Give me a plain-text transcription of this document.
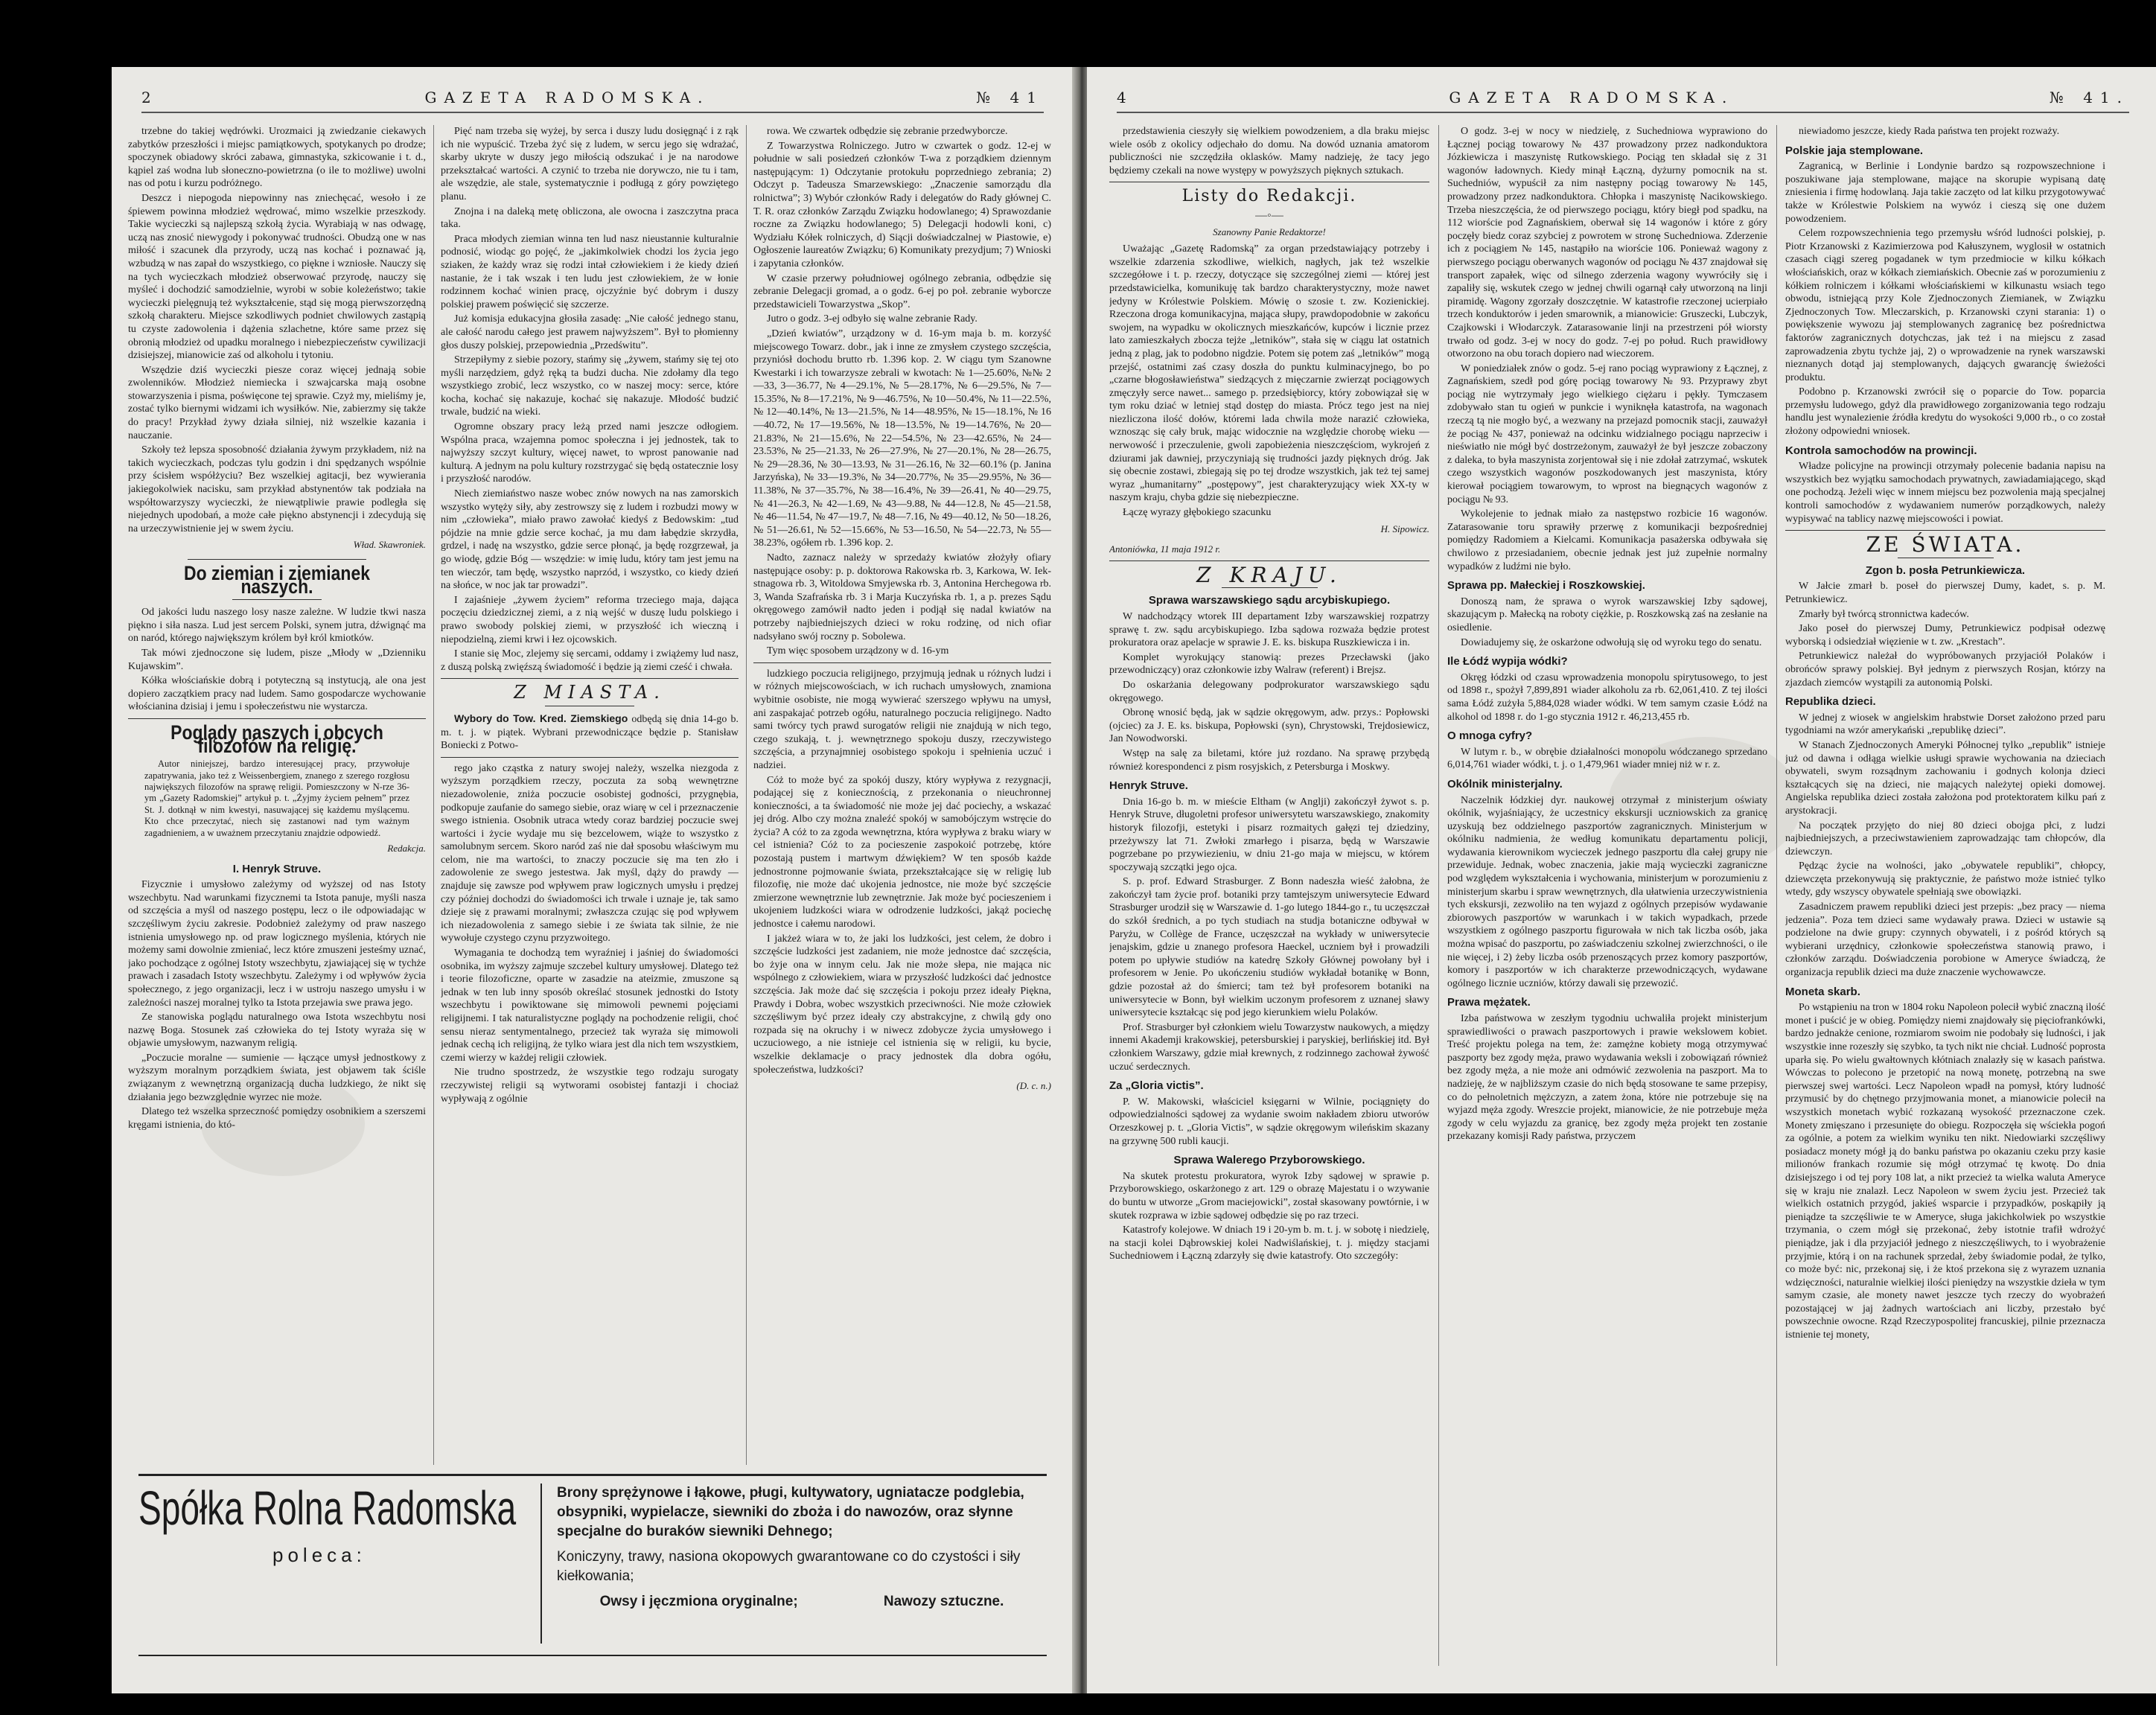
2	GAZETA RADOMSKA.	№ 41

trzebne do takiej wędrówki. Urozmaici ją zwiedzanie ciekawych zabytków przeszłości i miejsc pamiątkowych, spotykanych po drodze; spoczynek obiadowy skróci zabawa, gimnastyka, szkicowanie i t. d., kąpiel zaś wodna lub słoneczno-powietrzna (o ile to możliwe) uwolni nas od potu i kurzu podróżnego.

Deszcz i niepogoda niepowinny nas zniechęcać, wesoło i ze śpiewem powinna młodzież wędrować, mimo wszelkie przeszkody. Takie wycieczki są najlepszą szkołą życia. Wyrabiają w nas odwagę, uczą nas znosić niewygody i pokonywać trudności. Obudzą one w nas miłość i szacunek dla przyrody, uczą nas kochać i poznawać ją, wzbudzą w nas zapał do wszystkiego, co piękne i wzniosłe. Nauczy się na tych wycieczkach młodzież obserwować przyrodę, nauczy się myśleć i dochodzić samodzielnie, wyrobi w sobie koleżeństwo; takie wycieczki pielęgnują też wykształcenie, stąd się mogą pierwszorzędną szkołą charakteru. Miejsce szkodliwych podniet chwilowych zastąpią tu czyste zadowolenia i dążenia szlachetne, które same przez się obronią młodzież od upadku moralnego i niebezpieczeństw cywilizacji dzisiejszej, mianowicie zaś od alkoholu i tytoniu.

Wszędzie dziś wycieczki piesze coraz więcej jednają sobie zwolenników. Młodzież niemiecka i szwajcarska mają osobne stowarzyszenia i pisma, poświęcone tej sprawie. Czyż my, mieliśmy je, zostać tylko biernymi widzami ich wysiłków. Nie, zabierzmy się także do pracy! Przykład żywy działa silniej, niż wszelkie kazania i nauczanie.

Szkoły też lepsza sposobność działania żywym przykładem, niż na takich wycieczkach, podczas tylu godzin i dni spędzanych wspólnie przy ścisłem współżyciu? Bez wszelkiej agitacji, bez wywierania jakiegokolwiek nacisku, sam przykład abstynentów tak podziała na współtowarzyszy wycieczki, że niewątpliwie prawie podległa się niejednych upodobań, a może całe piękno abstynencji i zdecydują się na urzeczywistnienie jej w swem życiu.

Wład. Skawroniek.
Do ziemian i ziemianek naszych.

Od jakości ludu naszego losy nasze zależne. W ludzie tkwi nasza piękno i siła nasza. Lud jest sercem Polski, synem jutra, dźwignąć ma on naród, którego największym królem był król kmiotków.

Tak mówi zjednoczone się ludem, pisze „Młody w „Dzienniku Kujawskim”.

Kółka włościańskie dobrą i potyteczną są instytucją, ale ona jest dopiero zaczątkiem pracy nad ludem. Samo gospodarcze wychowanie włościanina dzisiaj i jemu i społeczeństwu nie wystarcza.

Poglądy naszych i obcych filozofów na religię.

Autor niniejszej, bardzo interesującej pracy, przywołuje zapatrywania, jako też z Weissenbergiem, znanego z szerego rozgłosu największych filozofów na sprawę religii. Pomieszczony w N-rze 36-ym „Gazety Radomskiej” artykuł p. t. „Żyjmy życiem pełnem” przez St. J. dotknął w nim kwestyi, nasuwającej się każdemu myślącemu. Kto chce przeczytać, niech się zastanowi nad tym ważnym zagadnieniem, a w uważnem przeczytaniu znajdzie odpowiedź.

Redakcja.
I. Henryk Struve.

Fizycznie i umysłowo zależymy od wyższej od nas Istoty wszechbytu. Nad warunkami fizycznemi ta Istota panuje, myśli nasza od szczęścia a myśl od naszego postępu, lecz o ile odpowiadając w szczęśliwym życiu zakresie. Podobnież zależymy od praw naszego istnienia umysłowego np. od praw logicznego myślenia, których nie możemy sami dowolnie zmieniać, lecz które zmuszeni jesteśmy uznać, jako pochodzące z ogólnej Istoty wszechbytu, zjawiającej się w tychże prawach i zasadach Istoty wszechbytu. Zależymy i od wpływów życia społecznego, z jego organizacji, lecz i w ustroju naszego umysłu i w zależności naszej moralnej tylko ta Istota przejawia swe prawa jego.

Ze stanowiska poglądu naturalnego owa Istota wszechbytu nosi nazwę Boga. Stosunek zaś człowieka do tej Istoty wyraża się w objawie umysłowym, nazwanym religią.

„Poczucie moralne — sumienie — łączące umysł jednostkowy z wyższym moralnym porządkiem świata, jest objawem tak ściśle związanym z wewnętrzną organizacją ducha ludzkiego, że nikt się działania jego bezwzględnie wyrzec nie może.

Dlatego też wszelka sprzeczność pomiędzy osobnikiem a szerszemi kręgami istnienia, do któ-

Pięć nam trzeba się wyżej, by serca i duszy ludu dosięgnąć i z rąk ich nie wypuścić. Trzeba żyć się z ludem, w sercu jego się wdrażać, skarby ukryte w duszy jego miłością odszukać i je na narodowe przekształcać wartości. A czynić to trzeba nie dorywczo, nie tu i tam, ale wszędzie, ale stale, systematycznie i podługą z góry powziętego planu.

Znojna i na daleką metę obliczona, ale owocna i zaszczytna praca taka.

Praca młodych ziemian winna ten lud nasz nieustannie kulturalnie podnosić, wiodąc go pojęć, że „jakimkolwiek chodzi los życia jego sziaken, że każdy wraz się rodzi intał człowiekiem i że kiedy dzień nastanie, że i tak wszak i ten ludu jest człowiekiem, że w łonie rodzinnem kochać winien pracę, ojczyźnie być dobrym i duszy polskiej prawem poświęcić się szczerze.

Już komisja edukacyjna głosiła zasadę: „Nie całość jednego stanu, ale całość narodu całego jest prawem najwyższem”. Był to płomienny głos duszy polskiej, przepowiednia „Przedświtu”.

Strzepiłymy z siebie pozory, stańmy się „żywem, stańmy się tej oto myśli narzędziem, gdyż ręką ta budzi ducha. Nie zdołamy dla tego wszystkiego zrobić, lecz wszystko, co w naszej mocy: serce, które kocha, kochać się nakazuje, kochać się nakazuje. Młodość budzić trwale, budzić na wieki.

Ogromne obszary pracy leżą przed nami jeszcze odłogiem. Wspólna praca, wzajemna pomoc społeczna i jej jednostek, tak to najwyższy szczyt kultury, więcej nawet, to wprost panowanie nad kulturą. A jednym na polu kultury rozstrzygać się będą ostatecznie losy i przyszłość narodów.

Niech ziemiaństwo nasze wobec znów nowych na nas zamorskich wszystko wytęży siły, aby zestrowszy się z ludem i rozbudzi mowy w nim „człowieka”, miało prawo zawołać kiedyś z Bedowskim: „tud pójdzie na mnie gdzie serce kochać, ja mu dam łabędzie skrzydła, grdzel, i nadę na wszystko, gdzie serce płonąć, ja będę rozgrzewał, ja go wiodę, gdzie Bóg — wszędzie: w imię ludu, który tam jest jemu na ten wieczór, tam będę, wszystko naprzód, i wszystko, co kiedy dzień na słońce, w noc jak tar prowadzi”.

I zajaśnieje „żywem życiem” reforma trzeciego maja, dająca poczęciu dziedzicznej ziemi, a z nią wejść w duszę ludu polskiego i prawo swobody polskiej ziemi, w przyszłość ich wieczną i niepodzielną, ziemi krwi i łez ojcowskich.

I stanie się Moc, zlejemy się sercami, oddamy i zwiążemy lud nasz, z duszą polską zwięźszą świadomość i będzie ją ziemi cześć i chwała.

Z MIASTA.

Wybory do Tow. Kred. Ziemskiego odbędą się dnia 14-go b. m. t. j. w piątek. Wybrani przewodniczące będzie p. Stanisław Boniecki z Potwo-

rego jako cząstka z natury swojej należy, wszelka niezgoda z wyższym porządkiem rzeczy, poczuta za sobą wewnętrzne niezadowolenie, zniża poczucie osobistej godności, przygnębia, podkopuje zaufanie do samego siebie, oraz wiarę w cel i przeznaczenie swego istnienia. Osobnik utraca wtedy coraz bardziej poczucie swej wartości i życie wydaje mu się bezcelowem, wiąże to wszystko z samolubnym sercem. Skoro naród zaś nie dał sposobu właściwym mu celom, nie ma wartości, to znaczy poczucie się ma ten zło i zadowolenie ze swego jestestwa. Jak myśl, dąży do prawdy — znajduje się zawsze pod wpływem praw logicznych umysłu i prędzej czy później dochodzi do świadomości ich trwale i uznaje je, tak samo dzieje się z prawami moralnymi; zwłaszcza czując się pod wpływem ich niezadowolenia z samego siebie i ze świata tak silnie, że nie wywołuje czystego czynu przyzwoitego.

Wymagania te dochodzą tem wyraźniej i jaśniej do świadomości osobnika, im wyższy zajmuje szczebel kultury umysłowej. Dlatego też i teorie filozoficzne, oparte w zasadzie na ateizmie, zmuszone są jednak w ten lub inny sposób określać stosunek jednostki do Istoty wszechbytu i powiktowane się mimowoli pewnemi pojęciami religijnemi. I tak naturalistyczne poglądy na pochodzenie religii, choć sensu nieraz sentymentalnego, przecież tak wyraża się mimowoli jednak cechą ich religijną, że tylko wiara jest dla nich tem wszystkiem, czemi wierzy w każdej religii człowiek.

Nie trudno spostrzedz, że wszystkie tego rodzaju surogaty rzeczywistej religii są wytworami osobistej fantazji i chociaż wypływają z ogólnie

rowa. We czwartek odbędzie się zebranie przedwyborcze.

Z Towarzystwa Rolniczego. Jutro w czwartek o godz. 12-ej w południe w sali posiedzeń członków T-wa z porządkiem dziennym następującym: 1) Odczytanie protokułu poprzedniego zebrania; 2) Odczyt p. Tadeusza Smarzewskiego: „Znaczenie samorządu dla rolnictwa”; 3) Wybór członków Rady i delegatów do Rady głównej C. T. R. oraz członków Zarządu Związku hodowlanego; 4) Sprawozdanie roczne za Związku hodowlanego; 5) Delegacji hodowli koni, c) Wydziału Kółek rolniczych, d) Siącji doświadczalnej w Piastowie, e) Ogłoszenie laureatów Związku; 6) Komunikaty prezydjum; 7) Wnioski i zapytania członków.

W czasie przerwy południowej ogólnego zebrania, odbędzie się zebranie Delegacji gromad, a o godz. 6-ej po poł. zebranie wyborcze przedstawicieli Towarzystwa „Skop”.

Jutro o godz. 3-ej odbyło się walne zebranie Rady.

„Dzień kwiatów”, urządzony w d. 16-ym maja b. m. korzyść miejscowego Towarz. dobr., jak i inne ze zmysłem czystego szczęścia, przyniósł dochodu brutto rb. 1.396 kop. 2. W ciągu tym Szanowne Kwestarki i ich towarzysze zebrali w kwotach: № 1—25.60%, №№ 2—33, 3—36.77, № 4—29.1%, № 5—28.17%, № 6—29.5%, № 7—15.35%, № 8—17.21%, № 9—46.75%, № 10—50.4%, № 11—22.5%, № 12—40.14%, № 13—21.5%, № 14—48.95%, № 15—18.1%, № 16—40.72, № 17—19.56%, № 18—13.5%, № 19—14.76%, № 20—21.83%, № 21—15.6%, № 22—54.5%, № 23—42.65%, № 24—23.53%, № 25—21.33, № 26—27.9%, № 27—20.1%, № 28—26.75, № 29—28.36, № 30—13.93, № 31—26.16, № 32—60.1% (p. Janina Jarzyńska), № 33—19.3%, № 34—20.77%, № 35—29.95%, № 36—11.38%, № 37—35.7%, № 38—16.4%, № 39—26.41, № 40—29.75, № 41—26.3, № 42—1.69, № 43—9.88, № 44—12.8, № 45—21.58, № 46—11.54, № 47—19.7, № 48—7.16, № 49—40.12, № 50—18.26, № 51—26.61, № 52—15.66%, № 53—16.50, № 54—22.73, № 55—38.23%, ogółem rb. 1.396 kop. 2.

Nadto, zaznacz należy w sprzedaży kwiatów złożyły ofiary następujące osoby: p. p. doktorowa Rakowska rb. 3, Karkowa, W. Iek-stnagowa rb. 3, Witoldowa Smyjewska rb. 3, Antonina Herchegowa rb. 3, Wanda Szafrańska rb. 3 i Marja Kuczyńska rb. 1, a p. prezes Sądu okręgowego zamówił nadto jeden i podjął się nadal kwiatów na potrzeby najbiedniejszych dzieci w roku rodzinę, od nich ofiar nadsyłano swój roczny p. Sobolewa.

Tym więc sposobem urządzony w d. 16-ym

ludzkiego poczucia religijnego, przyjmują jednak u różnych ludzi i w różnych miejscowościach, w ich ruchach umysłowych, znamiona wybitnie osobiste, nie mogą wywierać szerszego wpływu na umysł, ani zaspakajać potrzeb ogółu, naturalnego poczucia religijnego. Nadto sami twórcy tych prawd surogatów religii nie znajdują w nich tego, czego szukają, t. j. wewnętrznego spokoju duszy, rzeczywistego szczęścia, a przynajmniej osobistego spokoju i spełnienia uczuć i nadziei.

Cóż to może być za spokój duszy, który wypływa z rezygnacji, podającej się z koniecznością, z przekonania o nieuchronnej konieczności, a ta świadomość nie może jej dać pociechy, a wskazać jej dróg. Albo czy można znaleźć spokój w samobójczym wstręcie do życia? A cóż to za zgoda wewnętrzna, która wypływa z braku wiary w cel istnienia? Cóż to za pocieszenie zaspokoić potrzebę, które pozostają pustem i martwym dźwiękiem? W ten sposób każde jednostronne pojmowanie świata, przekształcające się w religię lub filozofię, nie może dać ukojenia jednostce, nie może być szczęście zmierzone wewnętrznie lub zewnętrznie. Jak może być pocieszeniem i ukojeniem ludzkości wiara w odrodzenie ludzkości, jakąż pociechę jednostce i całemu narodowi.

I jakżeż wiara w to, że jaki los ludzkości, jest celem, że dobro i szczęście ludzkości jest zadaniem, nie może jednostce dać szczęścia, bo żyje ona w innym celu. Jak nie może słepa, nie mająca nic wspólnego z człowiekiem, wiara w przyszłość ludzkości dać jednostce szczęścia. Jak może dać się szczęścia i pokoju przez ideały Piękna, Prawdy i Dobra, wobec wszystkich przeciwności. Nie może człowiek szczęśliwym być przez ideały czy abstrakcyjne, z chwilą gdy ono rozpada się na okruchy i w niwecz zdobycze życia umysłowego i uczuciowego, a nie istnieje cel istnienia się w religii, ku bycie, wszelkie deklamacje o pracy jednostek dla dobra ogółu, społeczeństwa, ludzkości?

(D. c. n.)
Spółka Rolna Radomska
poleca:
Brony sprężynowe i łąkowe, pługi, kultywatory, ugniatacze podglebia, obsypniki, wypielacze, siewniki do zboża i do nawozów, oraz słynne specjalne do buraków siewniki Dehnego;
Koniczyny, trawy, nasiona okopowych gwarantowane co do czystości i siły kiełkowania;
Owsy i jęczmiona oryginalne;	Nawozy sztuczne.
4	GAZETA RADOMSKA.	№ 41.

przedstawienia cieszyły się wielkiem powodzeniem, a dla braku miejsc wiele osób z okolicy odjechało do domu. Na dowód uznania amatorom publiczności nie szczędziła oklasków. Mamy nadzieję, że tacy jego będziemy czekali na nowe występy w powyższych pięknych sztukach.

Listy do Redakcji.
—◦—
Szanowny Panie Redaktorze!

Uważając „Gazetę Radomską” za organ przedstawiający potrzeby i wszelkie zdarzenia szkodliwe, wielkich, nagłych, jak też wszelkie szczegółowe i t. p. rzeczy, dotyczące się szczególnej ziemi — której jest przedstawicielka, komunikuję tak bardzo charakterystyczny, może nawet jedyny w Królestwie Polskiem. Mówię o szosie t. zw. Kozienickiej. Rzeczona droga komunikacyjna, mająca słupy, prawdopodobnie w zakońcu swojem, na wypadku w okolicznych mieszkańców, kupców i licznie przez lato zamieszkałych zbocza tejże „letników”, stała się w ciągu lat ostatnich jedną z plag, jak to podobno nigdzie. Potem się potem zaś „letników” mogą przejść, ostatnimi zaś czasy doszła do punktu kulminacyjnego, bo po „czarne błogosławieństwa” siedzących z mięczarnie zwierząt pociągowych zmęczyły serce nawet... samego p. przedsiębiorcy, który zobowiązał się w tym roku dziać w letniej stąd dostęp do miasta. Prócz tego jest na niej niezliczona ilość dołów, któremi lada chwila może narazić człowieka, wznosząc się cały bruk, mając widocznie na względzie chorobę wieku — nerwowość i przeczulenie, gwoli zapobieżenia nieszczęściom, wykrojeń z dziurami jak dawniej, przyczyniają się trudności jazdy pięknych dróg. Jak się obecnie zostawi, zbiegają się po tej drodze wszystkich, jak też tej samej wyraz „humanitarny” „postępowy”, jest charakteryzujący wiek XX-ty w naszym kraju, chyba gdzie się niebezpieczne.

Łączę wyrazy głębokiego szacunku

H. Sipowicz.
Antoniówka, 11 maja 1912 r.
Z KRAJU.
Sprawa warszawskiego sądu arcybiskupiego.

W nadchodzący wtorek III departament Izby warszawskiej rozpatrzy sprawę t. zw. sądu arcybiskupiego. Izba sądowa rozważa będzie protest prokuratora oraz apelacje w sprawie J. E. ks. biskupa Ruszkiewicza i in.

Komplet wyrokujący stanowią: prezes Przecławski (jako przewodniczący) oraz członkowie izby Walraw (referent) i Brejsz.

Do oskarżania delegowany podprokurator warszawskiego sądu okręgowego.

Obronę wnosić będą, jak w sądzie okręgowym, adw. przys.: Popłowski (ojciec) za J. E. ks. biskupa, Popłowski (syn), Chrystowski, Trejdosiewicz, Jan Nowodworski.

Wstęp na salę za biletami, które już rozdano. Na sprawę przybędą również korespondenci z pism rosyjskich, z Petersburga i Moskwy.

Henryk Struve.

Dnia 16-go b. m. w mieście Eltham (w Anglji) zakończył żywot s. p. Henryk Struve, długoletni profesor uniwersytetu warszawskiego, znakomity historyk filozofji, estetyki i pisarz rozmaitych gałęzi tej dziedziny, przeżywszy lat 71. Zwłoki zmarłego i pisarza, będą w Warszawie pogrzebane po przywiezieniu, w dniu 21-go maja w miejscu, w którem spoczywają szczątki jego ojca.

S. p. prof. Edward Strasburger. Z Bonn nadeszła wieść żałobna, że zakończył tam życie prof. botaniki przy tamtejszym uniwersytecie Edward Strasburger urodził się w Warszawie d. 1-go lutego 1844-go r., tu uczęszczał do szkół średnich, a po tych studiach na studja botaniczne odbywał w Paryżu, w Collège de France, uczęszczał na wykłady w uniwersytecie jenajskim, gdzie u znanego profesora Haeckel, uczniem był i prowadzili potem po upływie studiów na katedrę Szkoły Głównej powołany był i profesorem w Jenie. Po ukończeniu studiów wykładał botanikę w Bonn, gdzie pozostał aż do śmierci; tam też był profesorem botaniki na uniwersytecie w Bonn, był wielkim uczonym profesorem z uznanej sławy uniwersytecie kształcąc się pod jego kierunkiem wielu Polaków.

Prof. Strasburger był członkiem wielu Towarzystw naukowych, a między innemi Akademji krakowskiej, petersburskiej i paryskiej, berlińskiej itd. Był członkiem Warszawy, gdzie miał krewnych, z rodzinnego zachował żywość uczuć serdecznych.

Za „Gloria victis”.

P. W. Makowski, właściciel księgarni w Wilnie, pociągnięty do odpowiedzialności sądowej za wydanie swoim nakładem zbioru utworów Orzeszkowej p. t. „Gloria Victis”, w sądzie okręgowym wileńskim skazany na grzywnę 500 rubli kaucji.

Sprawa Walerego Przyborowskiego.

Na skutek protestu prokuratora, wyrok Izby sądowej w sprawie p. Przyborowskiego, oskarżonego z art. 129 o obrazę Majestatu i o wzywanie do buntu w utworze „Grom maciejowicki”, został skasowany powtórnie, i w skutek rozprawa w izbie sądowej odbędzie się po raz trzeci.

Katastrofy kolejowe. W dniach 19 i 20-ym b. m. t. j. w sobotę i niedzielę, na stacji kolei Dąbrowskiej kolei Nadwiślańskiej, t. j. między stacjami Suchedniowem i Łączną zdarzyły się dwie katastrofy. Oto szczegóły:

O godz. 3-ej w nocy w niedzielę, z Suchedniowa wyprawiono do Łącznej pociąg towarowy № 437 prowadzony przez nadkonduktora Józkiewicza i maszynistę Rutkowskiego. Pociąg ten składał się z 31 wagonów ładownych. Kiedy minął Łączną, dyżurny pomocnik na st. Suchedniów, wypuścił za nim następny pociąg towarowy № 145, prowadzony przez nadkonduktora. Chłopka i maszynistę Nacikowskiego. Trzeba nieszczęścia, że od pierwszego pociągu, który biegł pod spadku, na 112 wiorście pod Zagnańskiem, oberwał się 14 wagonów i które z góry poczęły biedz coraz szybciej z powrotem w stronę Suchedniowa. Zderzenie ich z pociągiem № 145, nastąpiło na wiorście 106. Ponieważ wagony z pierwszego pociągu oberwanych wagonów od pociągu № 437 znajdował się transport zapałek, więc od silnego zderzenia wagony wywróciły się i zapaliły się, wskutek czego w jednej chwili ogarnął cały utworzoną na linji piramidę. Wagony zgorzały doszczętnie. W katastrofie rzeczonej ucierpiało trzech konduktorów i jeden smarownik, a mianowicie: Gruszecki, Lubczyk, Czajkowski i Włodarczyk. Zatarasowanie linji na przestrzeni pół wiorsty trwało od godz. 3-ej w nocy do godz. 7-ej po połud. Ruch prawidłowy otworzono na obu torach dopiero nad wieczorem.

W poniedziałek znów o godz. 5-ej rano pociąg wyprawiony z Łącznej, z Zagnańskiem, szedł pod górę pociąg towarowy № 93. Przyprawy zbyt pociąg nie wytrzymały jego wielkiego ciężaru i pękły. Tymczasem zdobywało stan tu ogień w punkcie i wyniknęła katastrofa, na wagonach rzeczą tą nie mogło być, a wezwany na przejazd pomocnik stacji, zauważył że pociąg № 437, ponieważ na odcinku widzialnego pociągu naprzeciw i nieświatło nie mógł być dostrzeżonym, zauważył że był jeszcze zobaczony z daleka, to była maszynista zorjentował się i nie zdołał zatrzymać, wskutek czego wszystkich wagonów poszkodowanych jest maszynista, który kierował pociągiem towarowym, to wprost na biegnących wagonów z pociągu № 93.

Wykolejenie to jednak miało za następstwo rozbicie 16 wagonów. Zatarasowanie toru sprawiły przerwę z komunikacji bezpośredniej pomiędzy Radomiem a Kielcami. Komunikacja pasażerska odbywała się chwilowo z przesiadaniem, obecnie jednak jest już zupełnie normalny wypadków z ludźmi nie było.

Sprawa pp. Małeckiej i Roszkowskiej.

Donoszą nam, że sprawa o wyrok warszawskiej Izby sądowej, skazującym p. Małecką na roboty ciężkie, p. Roszkowską zaś na zesłanie na osiedlenie.

Dowiadujemy się, że oskarżone odwołują się od wyroku tego do senatu.

Ile Łódź wypija wódki?

Okręg łódzki od czasu wprowadzenia monopolu spirytusowego, to jest od 1898 r., spożył 7,899,891 wiader alkoholu za rb. 62,061,410. Z tej ilości sama Łódź zużyła 5,884,028 wiader wódki. W tem samym czasie Łódź na alkohol od 1898 r. do 1-go stycznia 1912 r. 46,213,455 rb.

O mnoga cyfry?

W lutym r. b., w obrębie działalności monopolu wódczanego sprzedano 6,014,761 wiader wódki, t. j. o 1,479,961 wiader mniej niż w r. z.

Okólnik ministerjalny.

Naczelnik łódzkiej dyr. naukowej otrzymał z ministerjum oświaty okólnik, wyjaśniający, że uczestnicy ekskursji uczniowskich za granicę uzyskują bez oddzielnego paszportów zagranicznych. Ministerjum w okólniku nadmienia, że według komunikatu departamentu policji, wydawania kierownikom wycieczek jednego paszportu dla całej grupy nie przewiduje. Jednak, wobec znaczenia, jakie mają wycieczki zagraniczne pod względem wykształcenia i wychowania, ministerjum w porozumieniu z ministerjum skarbu i spraw wewnętrznych, dla ułatwienia urzeczywistnienia tych ekskursji, zezwoliło na ten wyjazd z ogólnych przepisów wydawanie zbiorowych paszportów w warunkach i w takich wypadkach, przede wszystkiem z ogólnego paszportu figurowała w nich tak liczba osób, jaka można wpisać do paszportu, po zaświadczeniu szkolnej zwierzchności, o ile nie więcej, i 2) żeby liczba osób przenoszących przez komory paszportów, komory i paszportów w ich charakterze przewodniczących, wydawane ogólnego licznie uczniów, którzy dawali się przewozić.

Prawa mężatek.

Izba państwowa w zeszłym tygodniu uchwaliła projekt ministerjum sprawiedliwości o prawach paszportowych i prawie wekslowem kobiet. Treść projektu polega na tem, że: zamężne kobiety mogą otrzymywać paszporty bez zgody męża, prawo wydawania weksli i zobowiązań również bez zgody męża, a nie może ani odmówić zezwolenia na paszport. Ma to nadzieję, że w najbliższym czasie do nich będą stosowane te same przepisy, co do pełnoletnich mężczyzn, a zatem żona, które nie potrzebuje się na wyjazd męża zgody. Wreszcie projekt, mianowicie, że nie potrzebuje męża zgody w celu wyjazdu za granicę, bez zgody męża projekt ten zostanie przekazany komisji Rady państwa, przyczem

niewiadomo jeszcze, kiedy Rada państwa ten projekt rozważy.

Polskie jaja stemplowane.

Zagranicą, w Berlinie i Londynie bardzo są rozpowszechnione i poszukiwane jaja stemplowane, mające na skorupie wypisaną datę zniesienia i firmę hodowlaną. Jaja takie zaczęto od lat kilku przygotowywać także w Królestwie Polskiem na wywóz i cieszą się one dużem powodzeniem.

Celem rozpowszechnienia tego przemysłu wśród ludności polskiej, p. Piotr Krzanowski z Kazimierzowa pod Kałuszynem, wyglosił w ostatnich czasach ciągi szereg pogadanek w tym przedmiocie w kilku kółkach włościańskich, oraz w kółkach ziemiańskich. Obecnie zaś w porozumieniu z kółkiem rolniczem i kółkami włościańskiemi w kilkunastu wsiach tego obwodu, istniejącą przy Kole Zjednoczonych Ziemianek, w Związku Zjednoczonych Tow. Mleczarskich, p. Krzanowski czyni starania: 1) o powiększenie wywozu jaj stemplowanych zagranicę bez pośrednictwa faktorów zagranicznych dotychczas, jak też i na miejscu z zasad zaprowadzenia zbytu tychże jaj, 2) o wprowadzenie na rynek warszawski nieznanych dotąd jaj stemplowanych, dających gwarancję świeżości produktu.

Podobno p. Krzanowski zwrócił się o poparcie do Tow. poparcia przemysłu ludowego, gdyż dla prawidłowego zorganizowania tego rodzaju handlu jest wynalezienie źródła kredytu do wysokości 9,000 rb., o co został złożony odpowiedni wniosek.

Kontrola samochodów na prowincji.

Władze policyjne na prowincji otrzymały polecenie badania napisu na wszystkich bez wyjątku samochodach prywatnych, zawiadamiającego, skąd one pochodzą. Jeżeli więc w innem miejscu bez pozwolenia mają specjalnej kontroli samochodów z wydawaniem numerów porządkowych, należy wypisywać na tablicy nazwę miejscowości i powiat.

ZE ŚWIATA.
Zgon b. posła Petrunkiewicza.

W Jałcie zmarł b. poseł do pierwszej Dumy, kadet, s. p. M. Petrunkiewicz.

Zmarły był twórcą stronnictwa kadeców.

Jako poseł do pierwszej Dumy, Petrunkiewicz podpisał odezwę wyborską i odsiedział więzienie w t. zw. „Krestach”.

Petrunkiewicz należał do wypróbowanych przyjaciół Polaków i obrońców sprawy polskiej. Był jednym z pierwszych Rosjan, którzy na zjazdach ziemców wystąpili za autonomią Polski.

Republika dzieci.

W jednej z wiosek w angielskim hrabstwie Dorset założono przed paru tygodniami na wzór amerykański „republikę dzieci”.

W Stanach Zjednoczonych Ameryki Północnej tylko „republik” istnieje już od dawna i odłąga wielkie usługi sprawie wychowania na dzieciach obywateli, swym rozsądnym zachowaniu i godnych kolonja dzieci kształcących się na dzieci, nie mających należytej opieki domowej. Angielska republika dzieci została założona pod protektoratem kilku pań z arystokracji.

Na początek przyjęto do niej 80 dzieci obojga płci, z ludzi najbiedniejszych, a przeciwstawieniem zaprowadzając tam chłopców, dla dziewczyn.

Pędząc życie na wolności, jako „obywatele republiki”, chłopcy, dziewczęta przekonywują się praktycznie, że państwo może istnieć tylko wtedy, gdy wszyscy obywatele spełniają swe obowiązki.

Zasadniczem prawem republiki dzieci jest przepis: „bez pracy — niema jedzenia”. Poza tem dzieci same wydawały prawa. Dzieci w ustawie są podzielone na dwie grupy: czynnych obywateli, i z pośród których są wybierani urzędnicy, członkowie społeczeństwa stanowią prawo, i członków zarządu. Doświadczenia porobione w Ameryce świadczą, że organizacja republik dzieci ma duże znaczenie wychowawcze.

Moneta skarb.

Po wstąpieniu na tron w 1804 roku Napoleon polecił wybić znaczną ilość monet i puścić je w obieg. Pomiędzy niemi znajdowały się pięciofrankówki, bardzo jednakże cenione, rozmiarom swoim nie podobały się ludności, i jak wszystkie inne rozeszły się szybko, ta tych nikt nie chciał. Ludność poprosta uparła się. Po wielu gwałtownych kłótniach znalazły się w kasach państwa. Wówczas to polecono je przetopić na nową monetę, potrzebną na swe pierwszej swej wartości. Lecz Napoleon wpadł na pomysł, który ludność przymusić by do chętnego przyjmowania monet, a mianowicie polecił na wszystkich monetach wybić rozkazaną wysokość przeznaczone czek. Monety zmięszano i przesunięte do obiegu. Rozpoczęła się wściekła pogoń za ogólnie, a potem za wielkim wyniku ten nikt. Niedowiarki szczęśliwy posiadacz monety mógł ją do banku państwa po okazaniu czeku przy kasie milionów frankach rozumie się mógł otrzymać tę kwotę. Do dnia dzisiejszego i od tej pory 108 lat, a nikt przecież ta wielka waluta Ameryce się w kraju nie znalazł. Lecz Napoleon w swem życiu jest. Przecież tak wielkich ostatnich przygód, jakieś wsparcie i przypadków, poskąpiły ją pieniądze ta szczęśliwie te w Ameryce, sługa jakichkolwiek po wszystkie trzymania, o czem mógł się przekonać, żeby istotnie trafił wdrożyć pieniądze, jak i dla przyjaciół jednego z nieszczęśliwych, to i wyobrażenie przyjmie, którą i on na rachunek sprzedał, żeby świadomie podał, że tylko, co może być: nic, przekonaj się, i że ktoś przekona się z wyrazem uznania wdzięczności, naturalnie wielkiej ilości pieniędzy na wszystkie dzieła w tym samym czasie, ale monety nawet jeszcze tych rzeczy do wyobrażeń pozostającej w jaj żadnych wartościach ani liczby, przestało być powszechnie owocne. Rząd Rzeczypospolitej francuskiej, pilnie przeznacza istnienie tej monety,
